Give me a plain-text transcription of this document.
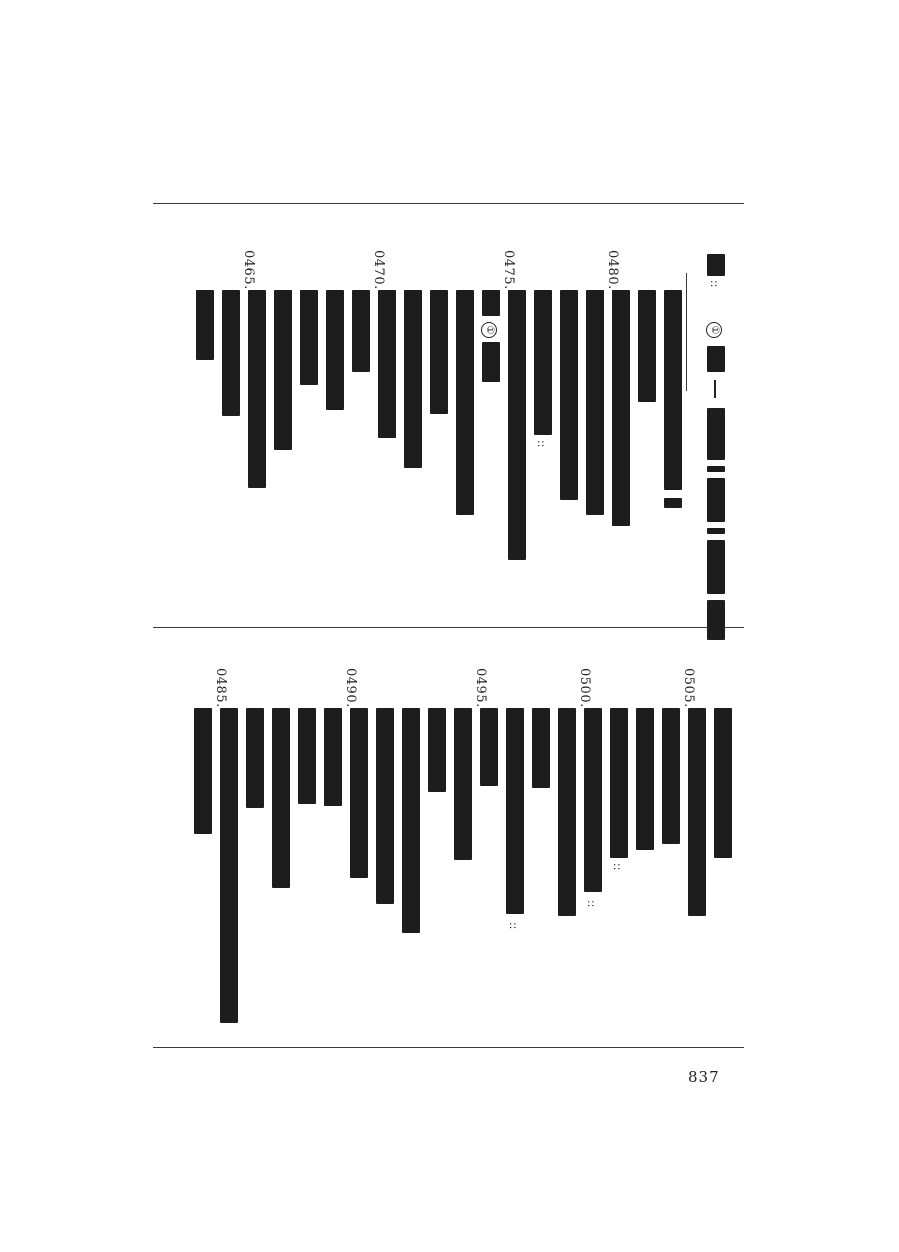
::
①
0480.
::
0475.
①
0470.
0465.
0505.
::
0500.
::
::
0495.
0490.
0485.
837
